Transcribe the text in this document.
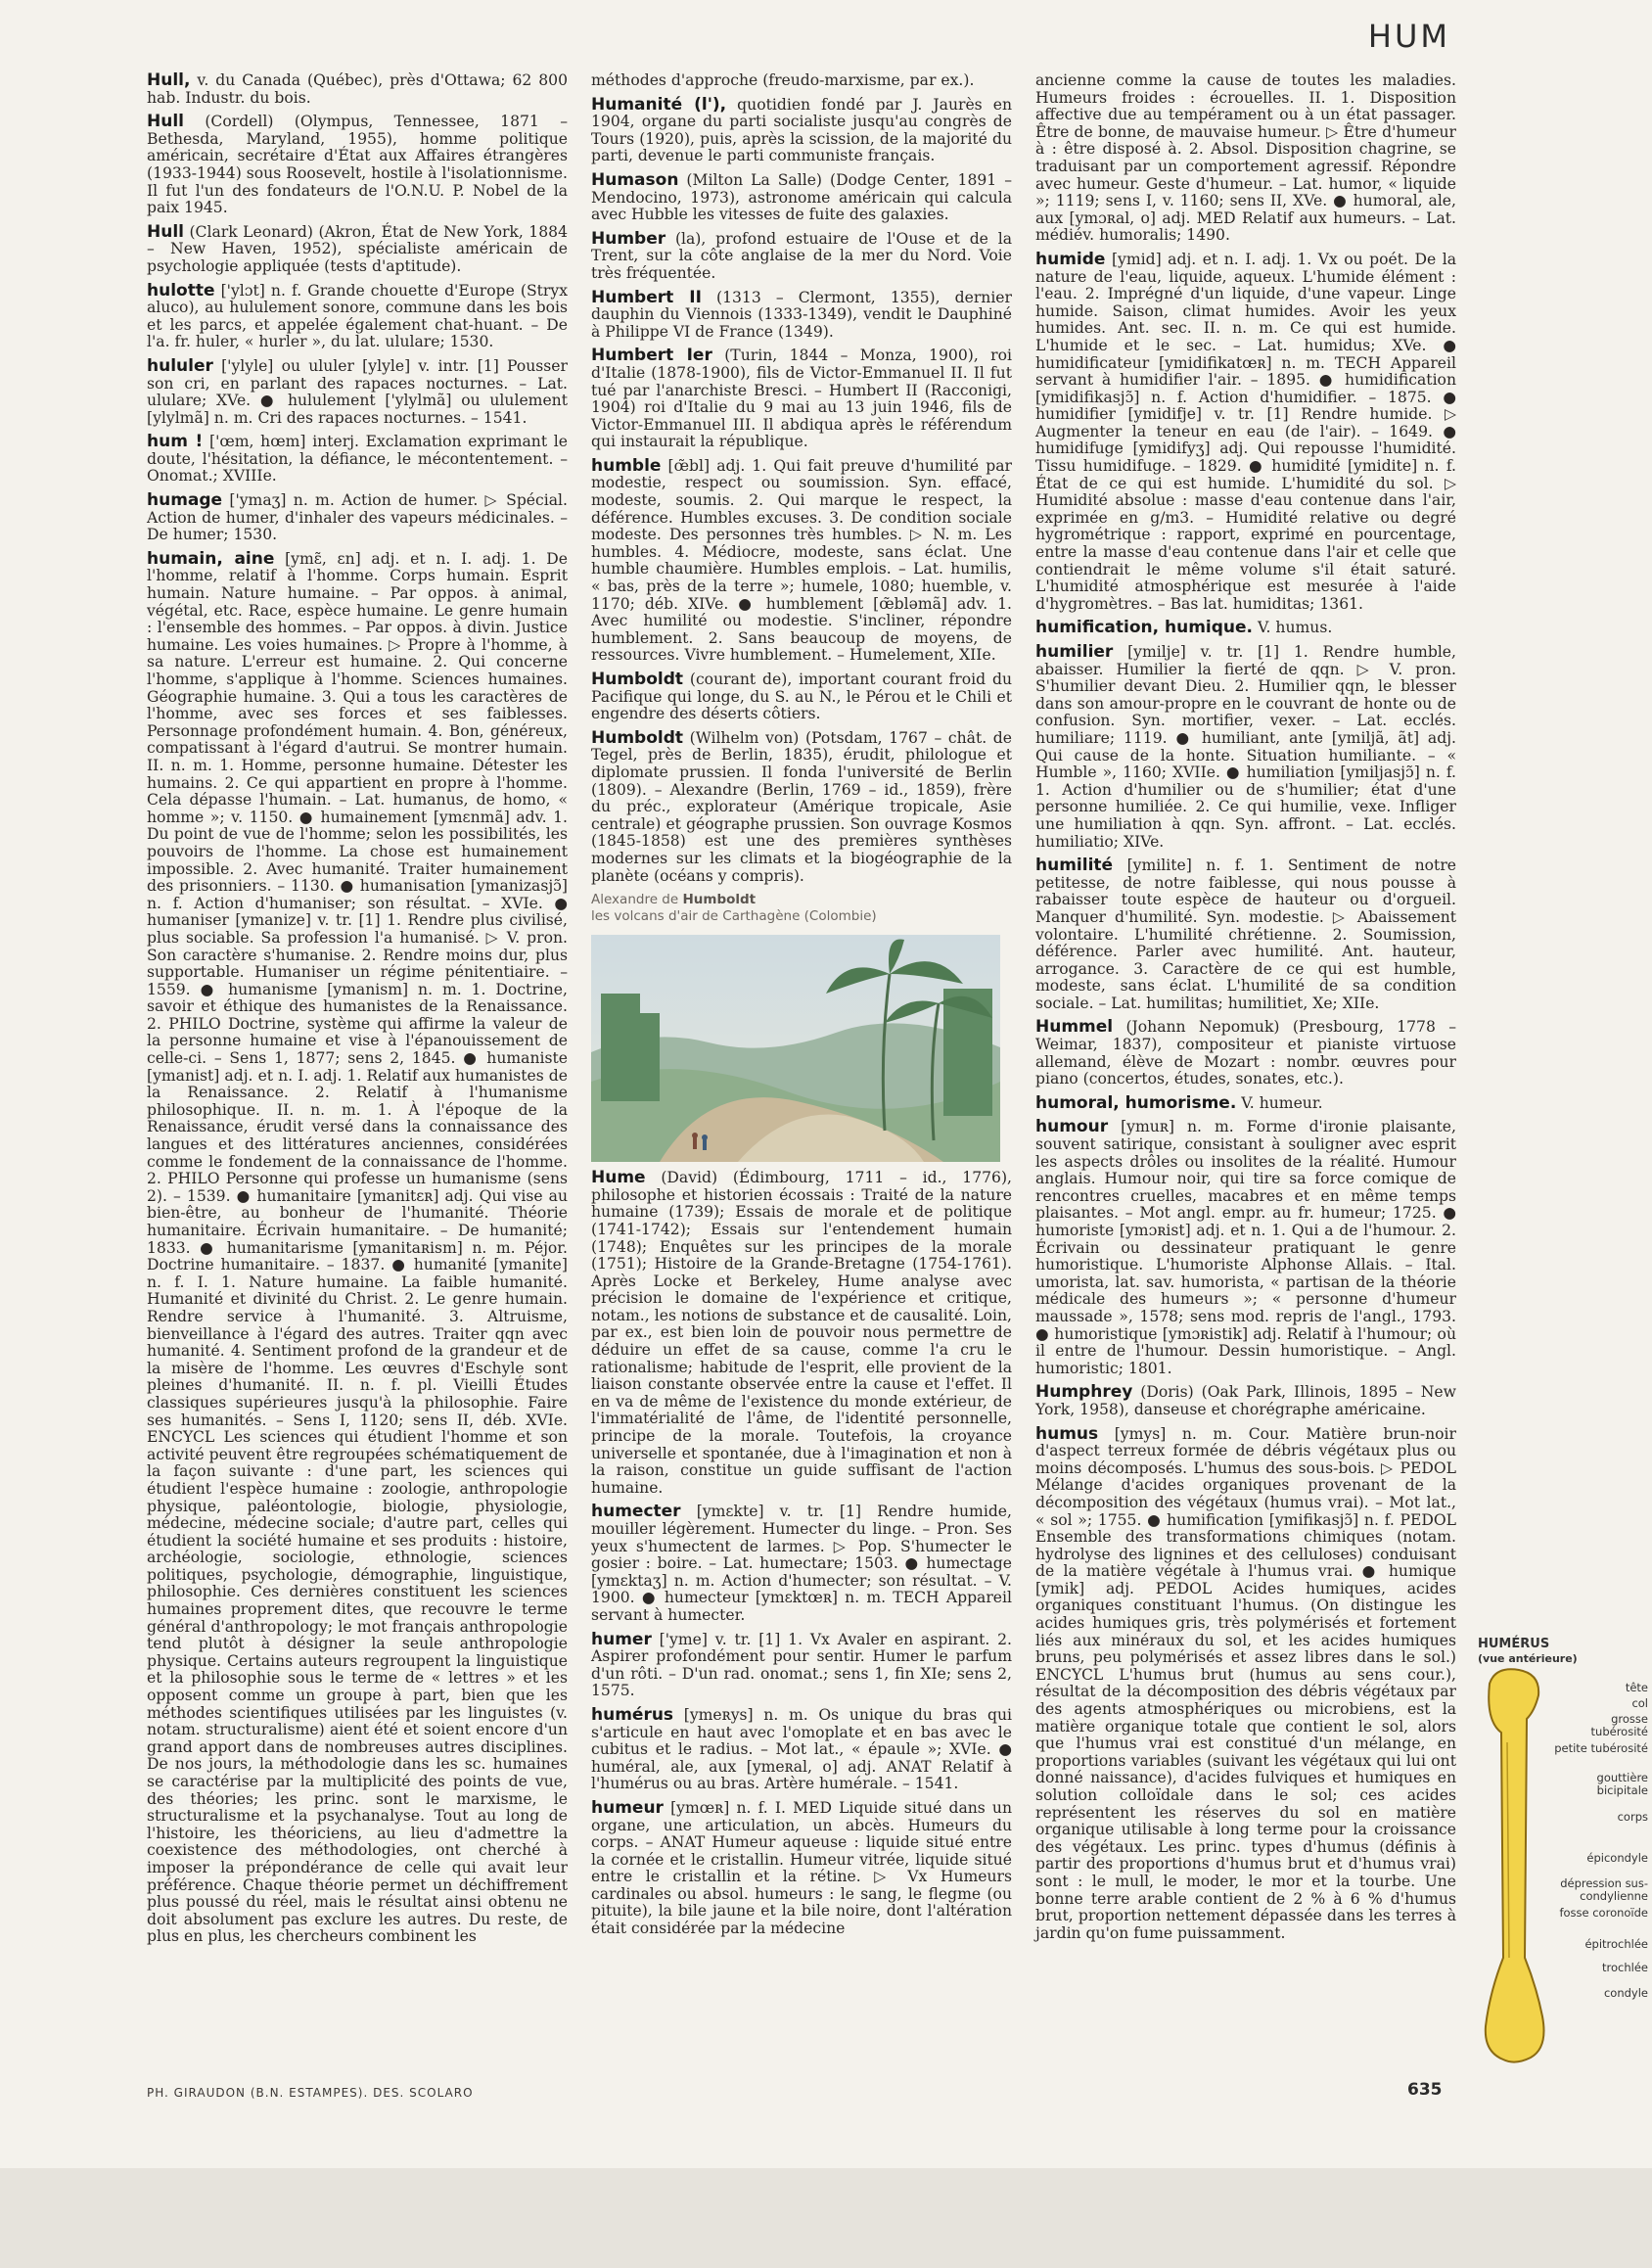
HUM

Hull, v. du Canada (Québec), près d'Ottawa; 62 800 hab. Industr. du bois.

Hull (Cordell) (Olympus, Tennessee, 1871 – Bethesda, Maryland, 1955), homme politique américain, secrétaire d'État aux Affaires étrangères (1933-1944) sous Roosevelt, hostile à l'isolationnisme. Il fut l'un des fondateurs de l'O.N.U. P. Nobel de la paix 1945.

Hull (Clark Leonard) (Akron, État de New York, 1884 – New Haven, 1952), spécialiste américain de psychologie appliquée (tests d'aptitude).

hulotte ['ylɔt] n. f. Grande chouette d'Europe (Stryx aluco), au hululement sonore, commune dans les bois et les parcs, et appelée également chat-huant. – De l'a. fr. huler, « hurler », du lat. ululare; 1530.

hululer ['ylyle] ou ululer [ylyle] v. intr. [1] Pousser son cri, en parlant des rapaces nocturnes. – Lat. ululare; XVe. ● hululement ['ylylmã] ou ululement [ylylmã] n. m. Cri des rapaces nocturnes. – 1541.

hum ! ['œm, hœm] interj. Exclamation exprimant le doute, l'hésitation, la défiance, le mécontentement. – Onomat.; XVIIIe.

humage ['ymaʒ] n. m. Action de humer. ▷ Spécial. Action de humer, d'inhaler des vapeurs médicinales. – De humer; 1530.

humain, aine [ymɛ̃, ɛn] adj. et n. I. adj. 1. De l'homme, relatif à l'homme. Corps humain. Esprit humain. Nature humaine. – Par oppos. à animal, végétal, etc. Race, espèce humaine. Le genre humain : l'ensemble des hommes. – Par oppos. à divin. Justice humaine. Les voies humaines. ▷ Propre à l'homme, à sa nature. L'erreur est humaine. 2. Qui concerne l'homme, s'applique à l'homme. Sciences humaines. Géographie humaine. 3. Qui a tous les caractères de l'homme, avec ses forces et ses faiblesses. Personnage profondément humain. 4. Bon, généreux, compatissant à l'égard d'autrui. Se montrer humain. II. n. m. 1. Homme, personne humaine. Détester les humains. 2. Ce qui appartient en propre à l'homme. Cela dépasse l'humain. – Lat. humanus, de homo, « homme »; v. 1150. ● humainement [ymɛnmã] adv. 1. Du point de vue de l'homme; selon les possibilités, les pouvoirs de l'homme. La chose est humainement impossible. 2. Avec humanité. Traiter humainement des prisonniers. – 1130. ● humanisation [ymanizasjɔ̃] n. f. Action d'humaniser; son résultat. – XVIe. ● humaniser [ymanize] v. tr. [1] 1. Rendre plus civilisé, plus sociable. Sa profession l'a humanisé. ▷ V. pron. Son caractère s'humanise. 2. Rendre moins dur, plus supportable. Humaniser un régime pénitentiaire. – 1559. ● humanisme [ymanism] n. m. 1. Doctrine, savoir et éthique des humanistes de la Renaissance. 2. PHILO Doctrine, système qui affirme la valeur de la personne humaine et vise à l'épanouissement de celle-ci. – Sens 1, 1877; sens 2, 1845. ● humaniste [ymanist] adj. et n. I. adj. 1. Relatif aux humanistes de la Renaissance. 2. Relatif à l'humanisme philosophique. II. n. m. 1. À l'époque de la Renaissance, érudit versé dans la connaissance des langues et des littératures anciennes, considérées comme le fondement de la connaissance de l'homme. 2. PHILO Personne qui professe un humanisme (sens 2). – 1539. ● humanitaire [ymanitɛʀ] adj. Qui vise au bien-être, au bonheur de l'humanité. Théorie humanitaire. Écrivain humanitaire. – De humanité; 1833. ● humanitarisme [ymanitaʀism] n. m. Péjor. Doctrine humanitaire. – 1837. ● humanité [ymanite] n. f. I. 1. Nature humaine. La faible humanité. Humanité et divinité du Christ. 2. Le genre humain. Rendre service à l'humanité. 3. Altruisme, bienveillance à l'égard des autres. Traiter qqn avec humanité. 4. Sentiment profond de la grandeur et de la misère de l'homme. Les œuvres d'Eschyle sont pleines d'humanité. II. n. f. pl. Vieilli Études classiques supérieures jusqu'à la philosophie. Faire ses humanités. – Sens I, 1120; sens II, déb. XVIe. ENCYCL Les sciences qui étudient l'homme et son activité peuvent être regroupées schématiquement de la façon suivante : d'une part, les sciences qui étudient l'espèce humaine : zoologie, anthropologie physique, paléontologie, biologie, physiologie, médecine, médecine sociale; d'autre part, celles qui étudient la société humaine et ses produits : histoire, archéologie, sociologie, ethnologie, sciences politiques, psychologie, démographie, linguistique, philosophie. Ces dernières constituent les sciences humaines proprement dites, que recouvre le terme général d'anthropology; le mot français anthropologie tend plutôt à désigner la seule anthropologie physique. Certains auteurs regroupent la linguistique et la philosophie sous le terme de « lettres » et les opposent comme un groupe à part, bien que les méthodes scientifiques utilisées par les linguistes (v. notam. structuralisme) aient été et soient encore d'un grand apport dans de nombreuses autres disciplines. De nos jours, la méthodologie dans les sc. humaines se caractérise par la multiplicité des points de vue, des théories; les princ. sont le marxisme, le structuralisme et la psychanalyse. Tout au long de l'histoire, les théoriciens, au lieu d'admettre la coexistence des méthodologies, ont cherché à imposer la prépondérance de celle qui avait leur préférence. Chaque théorie permet un déchiffrement plus poussé du réel, mais le résultat ainsi obtenu ne doit absolument pas exclure les autres. Du reste, de plus en plus, les chercheurs combinent les

méthodes d'approche (freudo-marxisme, par ex.).

Humanité (l'), quotidien fondé par J. Jaurès en 1904, organe du parti socialiste jusqu'au congrès de Tours (1920), puis, après la scission, de la majorité du parti, devenue le parti communiste français.

Humason (Milton La Salle) (Dodge Center, 1891 – Mendocino, 1973), astronome américain qui calcula avec Hubble les vitesses de fuite des galaxies.

Humber (la), profond estuaire de l'Ouse et de la Trent, sur la côte anglaise de la mer du Nord. Voie très fréquentée.

Humbert II (1313 – Clermont, 1355), dernier dauphin du Viennois (1333-1349), vendit le Dauphiné à Philippe VI de France (1349).

Humbert Ier (Turin, 1844 – Monza, 1900), roi d'Italie (1878-1900), fils de Victor-Emmanuel II. Il fut tué par l'anarchiste Bresci. – Humbert II (Racconigi, 1904) roi d'Italie du 9 mai au 13 juin 1946, fils de Victor-Emmanuel III. Il abdiqua après le référendum qui instaurait la république.

humble [œ̃bl] adj. 1. Qui fait preuve d'humilité par modestie, respect ou soumission. Syn. effacé, modeste, soumis. 2. Qui marque le respect, la déférence. Humbles excuses. 3. De condition sociale modeste. Des personnes très humbles. ▷ N. m. Les humbles. 4. Médiocre, modeste, sans éclat. Une humble chaumière. Humbles emplois. – Lat. humilis, « bas, près de la terre »; humele, 1080; huemble, v. 1170; déb. XIVe. ● humblement [œ̃bləmã] adv. 1. Avec humilité ou modestie. S'incliner, répondre humblement. 2. Sans beaucoup de moyens, de ressources. Vivre humblement. – Humelement, XIIe.

Humboldt (courant de), important courant froid du Pacifique qui longe, du S. au N., le Pérou et le Chili et engendre des déserts côtiers.

Humboldt (Wilhelm von) (Potsdam, 1767 – chât. de Tegel, près de Berlin, 1835), érudit, philologue et diplomate prussien. Il fonda l'université de Berlin (1809). – Alexandre (Berlin, 1769 – id., 1859), frère du préc., explorateur (Amérique tropicale, Asie centrale) et géographe prussien. Son ouvrage Kosmos (1845-1858) est une des premières synthèses modernes sur les climats et la biogéographie de la planète (océans y compris).

Alexandre de Humboldt
les volcans d'air de Carthagène (Colombie)

Hume (David) (Édimbourg, 1711 – id., 1776), philosophe et historien écossais : Traité de la nature humaine (1739); Essais de morale et de politique (1741-1742); Essais sur l'entendement humain (1748); Enquêtes sur les principes de la morale (1751); Histoire de la Grande-Bretagne (1754-1761). Après Locke et Berkeley, Hume analyse avec précision le domaine de l'expérience et critique, notam., les notions de substance et de causalité. Loin, par ex., est bien loin de pouvoir nous permettre de déduire un effet de sa cause, comme l'a cru le rationalisme; habitude de l'esprit, elle provient de la liaison constante observée entre la cause et l'effet. Il en va de même de l'existence du monde extérieur, de l'immatérialité de l'âme, de l'identité personnelle, principe de la morale. Toutefois, la croyance universelle et spontanée, due à l'imagination et non à la raison, constitue un guide suffisant de l'action humaine.

humecter [ymɛkte] v. tr. [1] Rendre humide, mouiller légèrement. Humecter du linge. – Pron. Ses yeux s'humectent de larmes. ▷ Pop. S'humecter le gosier : boire. – Lat. humectare; 1503. ● humectage [ymɛktaʒ] n. m. Action d'humecter; son résultat. – V. 1900. ● humecteur [ymɛktœʀ] n. m. TECH Appareil servant à humecter.

humer ['yme] v. tr. [1] 1. Vx Avaler en aspirant. 2. Aspirer profondément pour sentir. Humer le parfum d'un rôti. – D'un rad. onomat.; sens 1, fin XIe; sens 2, 1575.

humérus [ymeʀys] n. m. Os unique du bras qui s'articule en haut avec l'omoplate et en bas avec le cubitus et le radius. – Mot lat., « épaule »; XVIe. ● huméral, ale, aux [ymeʀal, o] adj. ANAT Relatif à l'humérus ou au bras. Artère humérale. – 1541.

humeur [ymœʀ] n. f. I. MED Liquide situé dans un organe, une articulation, un abcès. Humeurs du corps. – ANAT Humeur aqueuse : liquide situé entre la cornée et le cristallin. Humeur vitrée, liquide situé entre le cristallin et la rétine. ▷ Vx Humeurs cardinales ou absol. humeurs : le sang, le flegme (ou pituite), la bile jaune et la bile noire, dont l'altération était considérée par la médecine

ancienne comme la cause de toutes les maladies. Humeurs froides : écrouelles. II. 1. Disposition affective due au tempérament ou à un état passager. Être de bonne, de mauvaise humeur. ▷ Être d'humeur à : être disposé à. 2. Absol. Disposition chagrine, se traduisant par un comportement agressif. Répondre avec humeur. Geste d'humeur. – Lat. humor, « liquide »; 1119; sens I, v. 1160; sens II, XVe. ● humoral, ale, aux [ymɔʀal, o] adj. MED Relatif aux humeurs. – Lat. médiév. humoralis; 1490.

humide [ymid] adj. et n. I. adj. 1. Vx ou poét. De la nature de l'eau, liquide, aqueux. L'humide élément : l'eau. 2. Imprégné d'un liquide, d'une vapeur. Linge humide. Saison, climat humides. Avoir les yeux humides. Ant. sec. II. n. m. Ce qui est humide. L'humide et le sec. – Lat. humidus; XVe. ● humidificateur [ymidifikatœʀ] n. m. TECH Appareil servant à humidifier l'air. – 1895. ● humidification [ymidifikasjɔ̃] n. f. Action d'humidifier. – 1875. ● humidifier [ymidifje] v. tr. [1] Rendre humide. ▷ Augmenter la teneur en eau (de l'air). – 1649. ● humidifuge [ymidifyʒ] adj. Qui repousse l'humidité. Tissu humidifuge. – 1829. ● humidité [ymidite] n. f. État de ce qui est humide. L'humidité du sol. ▷ Humidité absolue : masse d'eau contenue dans l'air, exprimée en g/m3. – Humidité relative ou degré hygrométrique : rapport, exprimé en pourcentage, entre la masse d'eau contenue dans l'air et celle que contiendrait le même volume s'il était saturé. L'humidité atmosphérique est mesurée à l'aide d'hygromètres. – Bas lat. humiditas; 1361.

humification, humique. V. humus.

humilier [ymilje] v. tr. [1] 1. Rendre humble, abaisser. Humilier la fierté de qqn. ▷ V. pron. S'humilier devant Dieu. 2. Humilier qqn, le blesser dans son amour-propre en le couvrant de honte ou de confusion. Syn. mortifier, vexer. – Lat. ecclés. humiliare; 1119. ● humiliant, ante [ymiljã, ãt] adj. Qui cause de la honte. Situation humiliante. – « Humble », 1160; XVIIe. ● humiliation [ymiljasjɔ̃] n. f. 1. Action d'humilier ou de s'humilier; état d'une personne humiliée. 2. Ce qui humilie, vexe. Infliger une humiliation à qqn. Syn. affront. – Lat. ecclés. humiliatio; XIVe.

humilité [ymilite] n. f. 1. Sentiment de notre petitesse, de notre faiblesse, qui nous pousse à rabaisser toute espèce de hauteur ou d'orgueil. Manquer d'humilité. Syn. modestie. ▷ Abaissement volontaire. L'humilité chrétienne. 2. Soumission, déférence. Parler avec humilité. Ant. hauteur, arrogance. 3. Caractère de ce qui est humble, modeste, sans éclat. L'humilité de sa condition sociale. – Lat. humilitas; humilitiet, Xe; XIIe.

Hummel (Johann Nepomuk) (Presbourg, 1778 – Weimar, 1837), compositeur et pianiste virtuose allemand, élève de Mozart : nombr. œuvres pour piano (concertos, études, sonates, etc.).

humoral, humorisme. V. humeur.

humour [ymuʀ] n. m. Forme d'ironie plaisante, souvent satirique, consistant à souligner avec esprit les aspects drôles ou insolites de la réalité. Humour anglais. Humour noir, qui tire sa force comique de rencontres cruelles, macabres et en même temps plaisantes. – Mot angl. empr. au fr. humeur; 1725. ● humoriste [ymɔʀist] adj. et n. 1. Qui a de l'humour. 2. Écrivain ou dessinateur pratiquant le genre humoristique. L'humoriste Alphonse Allais. – Ital. umorista, lat. sav. humorista, « partisan de la théorie médicale des humeurs »; « personne d'humeur maussade », 1578; sens mod. repris de l'angl., 1793. ● humoristique [ymɔʀistik] adj. Relatif à l'humour; où il entre de l'humour. Dessin humoristique. – Angl. humoristic; 1801.

Humphrey (Doris) (Oak Park, Illinois, 1895 – New York, 1958), danseuse et chorégraphe américaine.

humus [ymys] n. m. Cour. Matière brun-noir d'aspect terreux formée de débris végétaux plus ou moins décomposés. L'humus des sous-bois. ▷ PEDOL Mélange d'acides organiques provenant de la décomposition des végétaux (humus vrai). – Mot lat., « sol »; 1755. ● humification [ymifikasjɔ̃] n. f. PEDOL Ensemble des transformations chimiques (notam. hydrolyse des lignines et des celluloses) conduisant de la matière végétale à l'humus vrai. ● humique [ymik] adj. PEDOL Acides humiques, acides organiques constituant l'humus. (On distingue les acides humiques gris, très polymérisés et fortement liés aux minéraux du sol, et les acides humiques bruns, peu polymérisés et assez libres dans le sol.) ENCYCL L'humus brut (humus au sens cour.), résultat de la décomposition des débris végétaux par des agents atmosphériques ou microbiens, est la matière organique totale que contient le sol, alors que l'humus vrai est constitué d'un mélange, en proportions variables (suivant les végétaux qui lui ont donné naissance), d'acides fulviques et humiques en solution colloïdale dans le sol; ces acides représentent les réserves du sol en matière organique utilisable à long terme pour la croissance des végétaux. Les princ. types d'humus (définis à partir des proportions d'humus brut et d'humus vrai) sont : le mull, le moder, le mor et la tourbe. Une bonne terre arable contient de 2 % à 6 % d'humus brut, proportion nettement dépassée dans les terres à jardin qu'on fume puissamment.

PH. GIRAUDON (B.N. ESTAMPES). DES. SCOLARO	635
HUMÉRUS
(vue antérieure)
tête
col
grosse tubérosité
petite tubérosité
gouttière bicipitale
corps
épicondyle
dépression sus-condylienne
fosse coronoïde
épitrochlée
trochlée
condyle
